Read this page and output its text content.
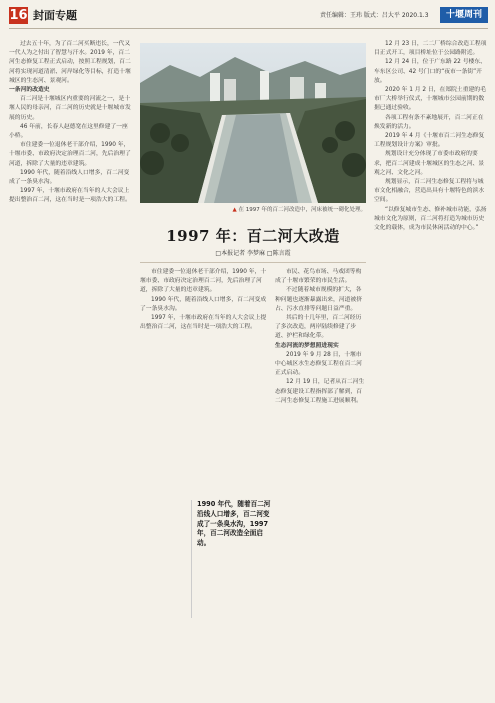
16 封面专题	责任编辑：王玮 版式：吕大平 2020.1.3	十堰周刊

过去五十年，为了百二河买断违长，一代又一代人为之付出了智慧与汗水。2019 年，百二河生态修复工程正式启动，按照工程规划，百二河将实现河道清淤、河岸绿化等目标，打造十堰城区的生态河、景观河。

一条河的改造史

百二河是十堰城区内重要的河流之一，是十堰人民的母亲河，百二河的历史就是十堰城市发展的历史。

46 年前，长春人赵德宽在这里修建了一座小桥。

市住建委一位退休老干部介绍，1990 年，十堰市委、市政府决定治理百二河，先后治理了河道，拆除了大量的违章建筑。

1990 年代，随着沿线人口增多，百二河变成了一条臭水沟。

1997 年，十堰市政府在当年的人大会议上提出整治百二河，这在当时是一项浩大的工程。

▲ 在 1997 年的百二河改造中，河床被统一砌化处理。
1997 年：百二河大改造
□本报记者 李梦麻 □陈言霞

市民、花鸟市场、马戏团等构成了十堰市繁荣的市民生活。

不过随着城市规模的扩大，各种问题也逐渐暴露出来，河道被挤占、污水直排等问题日益严重。

其后的十几年里，百二河经历了多次改造，两岸陆续修建了步道、护栏和绿化带。

生态河流的梦想照进现实

2019 年 9 月 28 日，十堰市中心城区水生态修复工程在百二河正式启动。

12 月 19 日，记者从百二河生态修复建设工程指挥部了解到，百二河生态修复工程施工进展顺利。

市住建委一位退休老干部介绍，1990 年，十堰市委、市政府决定治理百二河，先后治理了河道，拆除了大量的违章建筑。

1990 年代，随着沿线人口增多，百二河变成了一条臭水沟。

1997 年，十堰市政府在当年的人大会议上提出整治百二河，这在当时是一项浩大的工程。

1990 年代，随着百二河沿线人口增多，百二河变成了一条臭水沟，1997 年，百二河改造全面启动。

12 月 23 日，二二厂桥综合改造工程项目正式开工，项目桥址位于公园路附近。

12 月 24 日，位于广东路 22 号楼东、车东区公司、42 号门口的“夜市一条街”开放。

2020 年 1 月 2 日，在郑院土重建的毛市厂大桥举行仪式，十堰城市公园前期的数据已通过验收。

各项工程有条不紊地展开，百二河正在焕发新的活力。

2019 年 4 月《十堰市百二河生态修复工程规划设计方案》审批。

规划设计充分体现了市委市政府的要求，把百二河建成十堰城区的生态之河、景观之河、文化之河。

规划显示，百二河生态修复工程将与城市文化相融合，营造出具有十堰特色的滨水空间。

“以修复城市生态、修补城市功能，弘扬城市文化为原则，百二河将打造为城市历史文化的载体，成为市民休闲活动的中心。”
